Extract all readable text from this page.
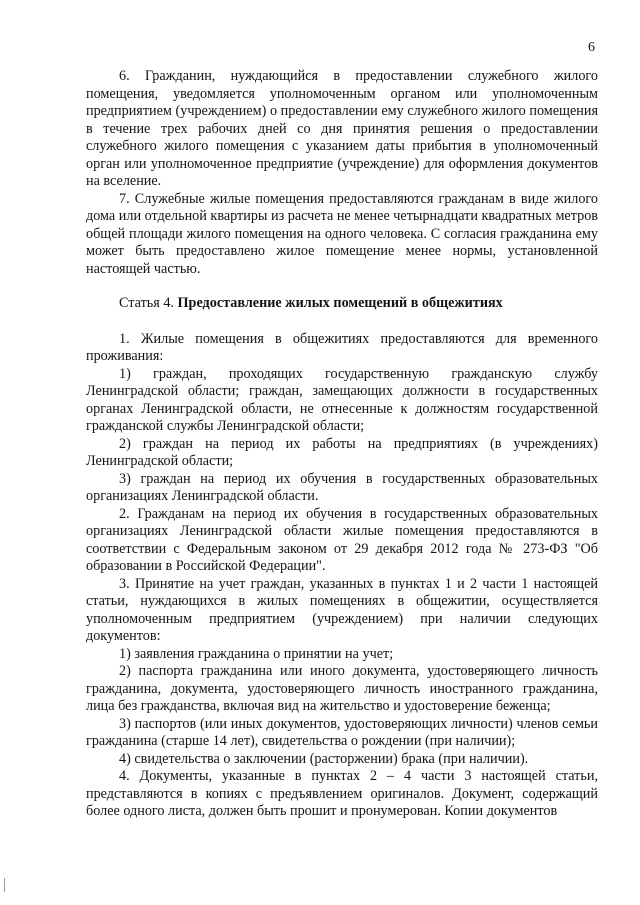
6

6. Гражданин, нуждающийся в предоставлении служебного жилого помещения, уведомляется уполномоченным органом или уполномоченным предприятием (учреждением) о предоставлении ему служебного жилого помещения в течение трех рабочих дней со дня принятия решения о предоставлении служебного жилого помещения с указанием даты прибытия в уполномоченный орган или уполномоченное предприятие (учреждение) для оформления документов на вселение.

7. Служебные жилые помещения предоставляются гражданам в виде жилого дома или отдельной квартиры из расчета не менее четырнадцати квадратных метров общей площади жилого помещения на одного человека. С согласия гражданина ему может быть предоставлено жилое помещение менее нормы, установленной настоящей частью.

Статья 4. Предоставление жилых помещений в общежитиях

1. Жилые помещения в общежитиях предоставляются для временного проживания:

1) граждан, проходящих государственную гражданскую службу Ленинградской области; граждан, замещающих должности в государственных органах Ленинградской области, не отнесенные к должностям государственной гражданской службы Ленинградской области;

2) граждан на период их работы на предприятиях (в учреждениях) Ленинградской области;

3) граждан на период их обучения в государственных образовательных организациях Ленинградской области.

2. Гражданам на период их обучения в государственных образовательных организациях Ленинградской области жилые помещения предоставляются в соответствии с Федеральным законом от 29 декабря 2012 года № 273-ФЗ "Об образовании в Российской Федерации".

3. Принятие на учет граждан, указанных в пунктах 1 и 2 части 1 настоящей статьи, нуждающихся в жилых помещениях в общежитии, осуществляется уполномоченным предприятием (учреждением) при наличии следующих документов:

1) заявления гражданина о принятии на учет;

2) паспорта гражданина или иного документа, удостоверяющего личность гражданина, документа, удостоверяющего личность иностранного гражданина, лица без гражданства, включая вид на жительство и удостоверение беженца;

3) паспортов (или иных документов, удостоверяющих личности) членов семьи гражданина (старше 14 лет), свидетельства о рождении (при наличии);

4) свидетельства о заключении (расторжении) брака (при наличии).

4. Документы, указанные в пунктах 2 – 4 части 3 настоящей статьи, представляются в копиях с предъявлением оригиналов. Документ, содержащий более одного листа, должен быть прошит и пронумерован. Копии документов
